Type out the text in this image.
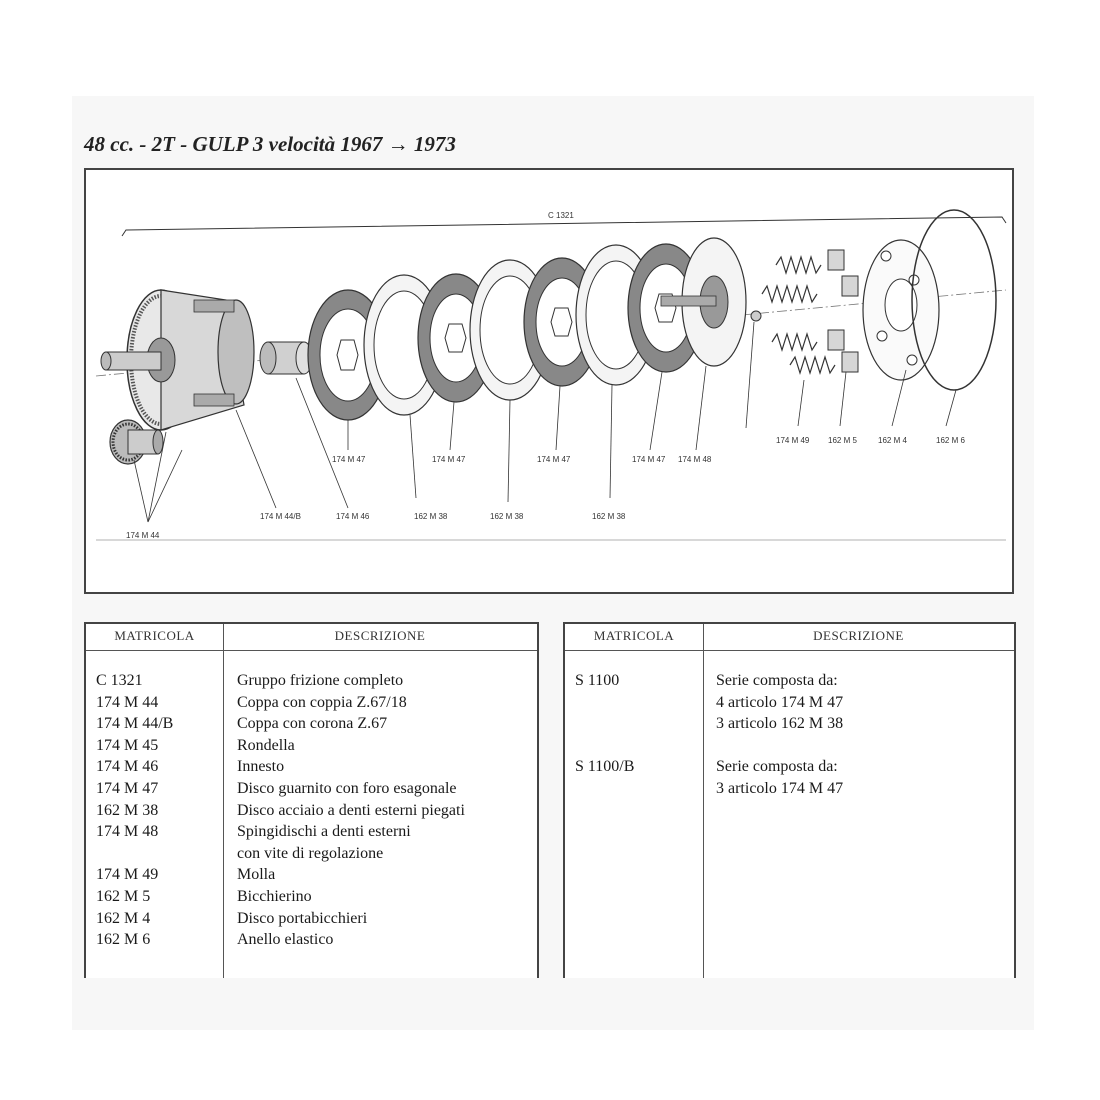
48 cc. - 2T - GULP 3 velocità 1967 → 1973
C 1321
174 M 44
174 M 44/B	174 M 46
174 M 47
162 M 38
174 M 47
162 M 38
174 M 47
162 M 38
174 M 47 174 M 48
174 M 49 162 M 5	162 M 4	162 M 6
MATRICOLA	DESCRIZIONE
C 1321	Gruppo frizione completo
174 M 44	Coppa con coppia Z.67/18
174 M 44/B	Coppa con corona Z.67
174 M 45	Rondella
174 M 46	Innesto
174 M 47	Disco guarnito con foro esagonale
162 M 38	Disco acciaio a denti esterni piegati
174 M 48	Spingidischi a denti esterni
con vite di regolazione
174 M 49	Molla
162 M 5	Bicchierino
162 M 4	Disco portabicchieri
162 M 6	Anello elastico
MATRICOLA	DESCRIZIONE
S 1100	Serie composta da:
4 articolo 174 M 47
3 articolo 162 M 38
S 1100/B	Serie composta da:
3 articolo 174 M 47
